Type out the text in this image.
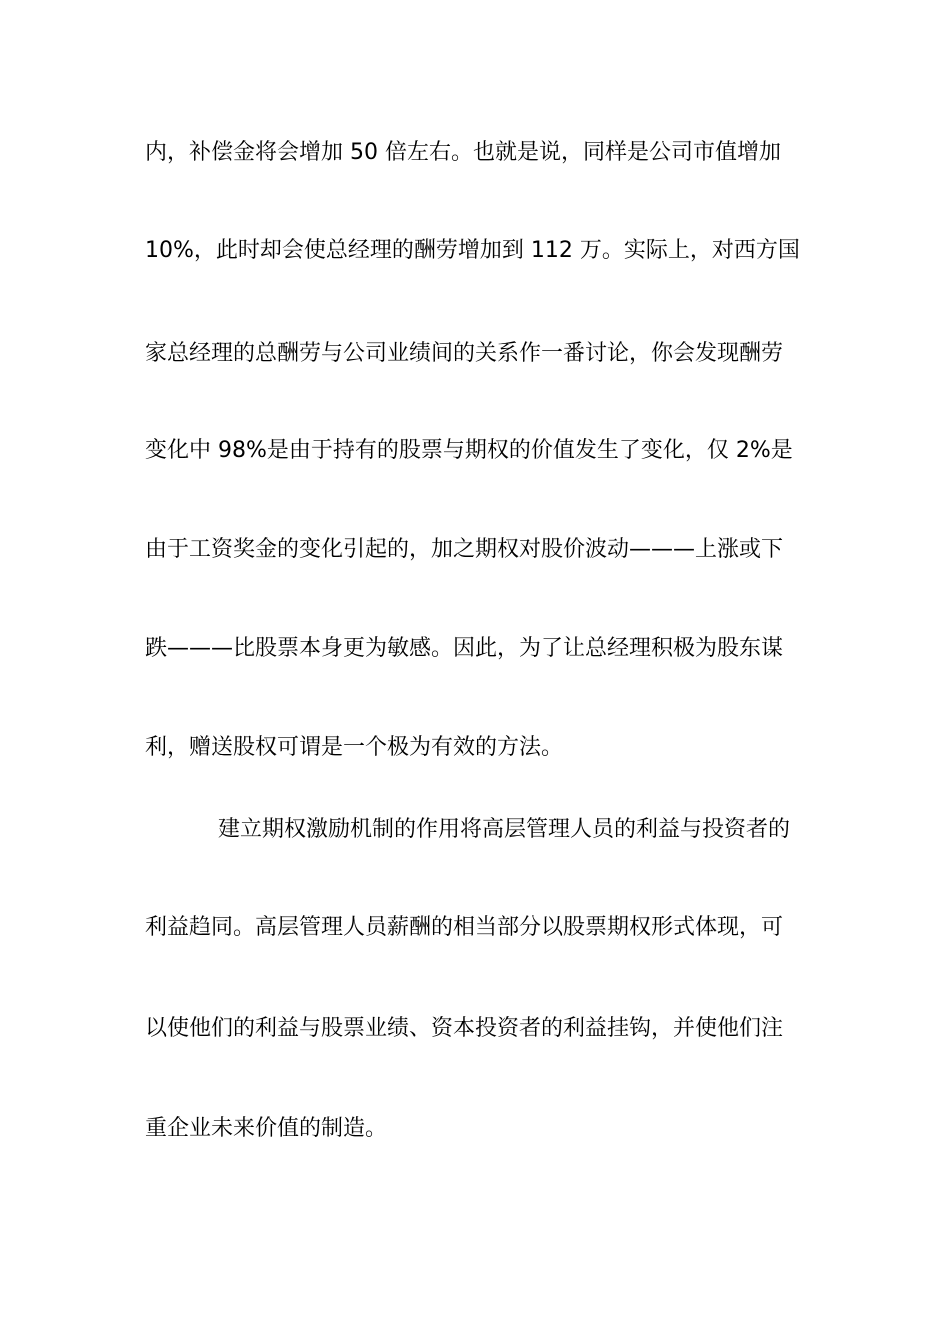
内，补偿金将会增加 50 倍左右。也就是说，同样是公司市值增加
10%，此时却会使总经理的酬劳增加到 112 万。实际上，对西方国
家总经理的总酬劳与公司业绩间的关系作一番讨论，你会发现酬劳
变化中 98%是由于持有的股票与期权的价值发生了变化，仅 2%是
由于工资奖金的变化引起的，加之期权对股价波动———上涨或下
跌———比股票本身更为敏感。因此，为了让总经理积极为股东谋
利，赠送股权可谓是一个极为有效的方法。
建立期权激励机制的作用将高层管理人员的利益与投资者的
利益趋同。高层管理人员薪酬的相当部分以股票期权形式体现，可
以使他们的利益与股票业绩、资本投资者的利益挂钩，并使他们注
重企业未来价值的制造。
